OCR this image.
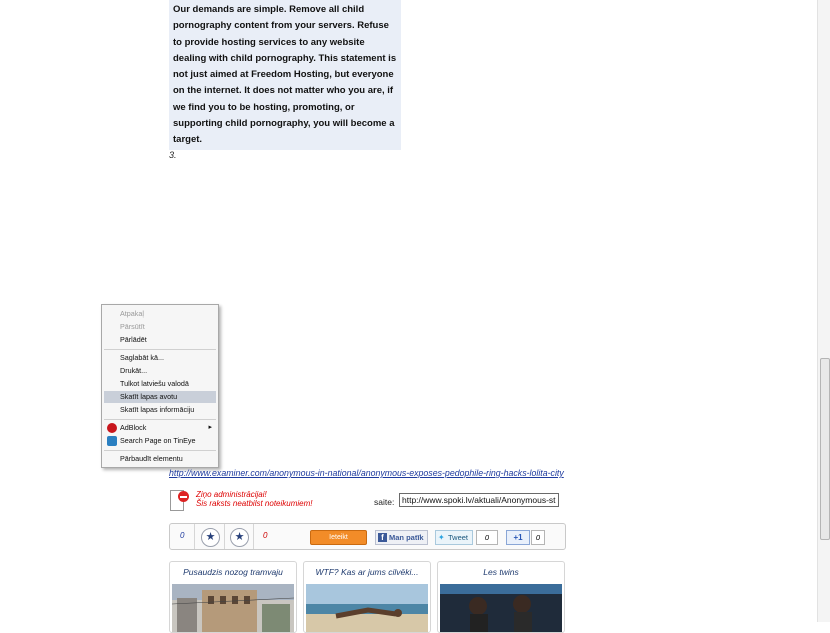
Our demands are simple. Remove all child pornography content from your servers. Refuse to provide hosting services to any website dealing with child pornography. This statement is not just aimed at Freedom Hosting, but everyone on the internet. It does not matter who you are, if we find you to be hosting, promoting, or supporting child pornography, you will become a target.

3.
Atpakaļ
Pārsūtīt
Pārlādēt
Saglabāt kā...
Drukāt...
Tulkot latviešu valodā
Skatīt lapas avotu
Skatīt lapas informāciju
AdBlock	▸
Search Page on TinEye
Pārbaudīt elementu
http://www.examiner.com/anonymous-in-national/anonymous-exposes-pedophile-ring-hacks-lolita-city
Ziņo administrācijai!
Šis raksts neatbilst noteikumiem!	saite:
http://www.spoki.lv/aktuali/Anonymous-str
0	★	★	0	Ieteikt	f Man patīk	✦ Tweet	0	+1	0
Pusaudzis nozog tramvaju	WTF? Kas ar jums cilvēki...	Les twins
